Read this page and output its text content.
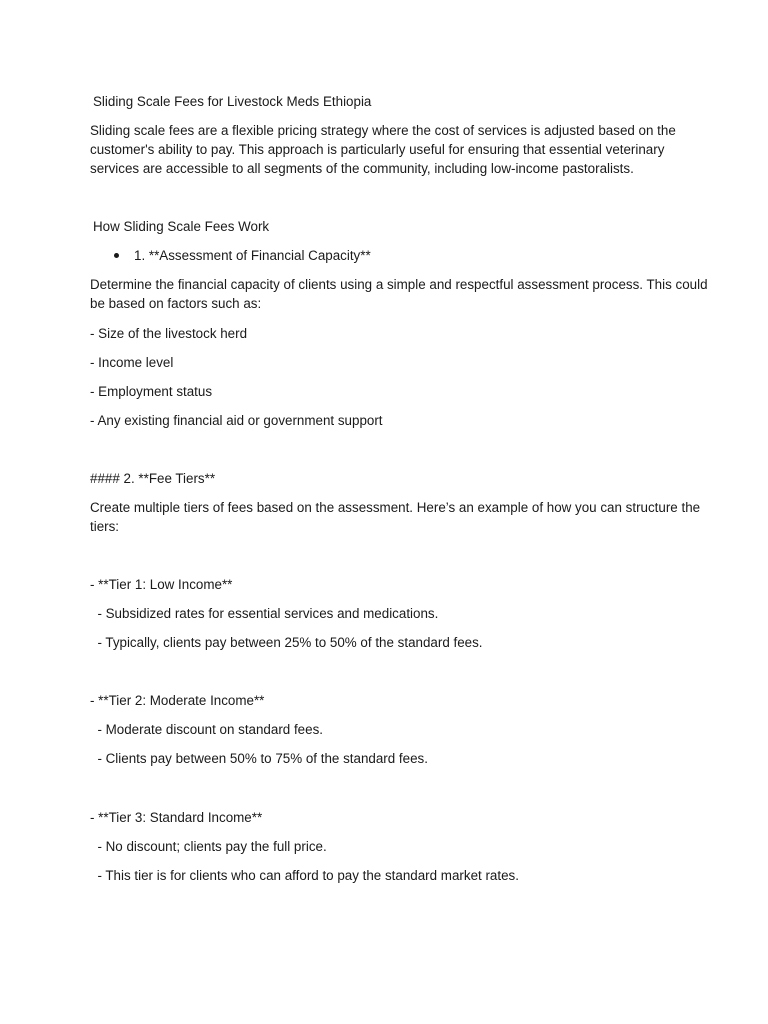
Sliding Scale Fees for Livestock Meds Ethiopia
Sliding scale fees are a flexible pricing strategy where the cost of services is adjusted based on the
customer's ability to pay. This approach is particularly useful for ensuring that essential veterinary
services are accessible to all segments of the community, including low-income pastoralists.
How Sliding Scale Fees Work
1. **Assessment of Financial Capacity**
Determine the financial capacity of clients using a simple and respectful assessment process. This could
be based on factors such as:
- Size of the livestock herd
- Income level
- Employment status
- Any existing financial aid or government support
#### 2. **Fee Tiers**
Create multiple tiers of fees based on the assessment. Here’s an example of how you can structure the
tiers:
- **Tier 1: Low Income**
- Subsidized rates for essential services and medications.
- Typically, clients pay between 25% to 50% of the standard fees.
- **Tier 2: Moderate Income**
- Moderate discount on standard fees.
- Clients pay between 50% to 75% of the standard fees.
- **Tier 3: Standard Income**
- No discount; clients pay the full price.
- This tier is for clients who can afford to pay the standard market rates.
